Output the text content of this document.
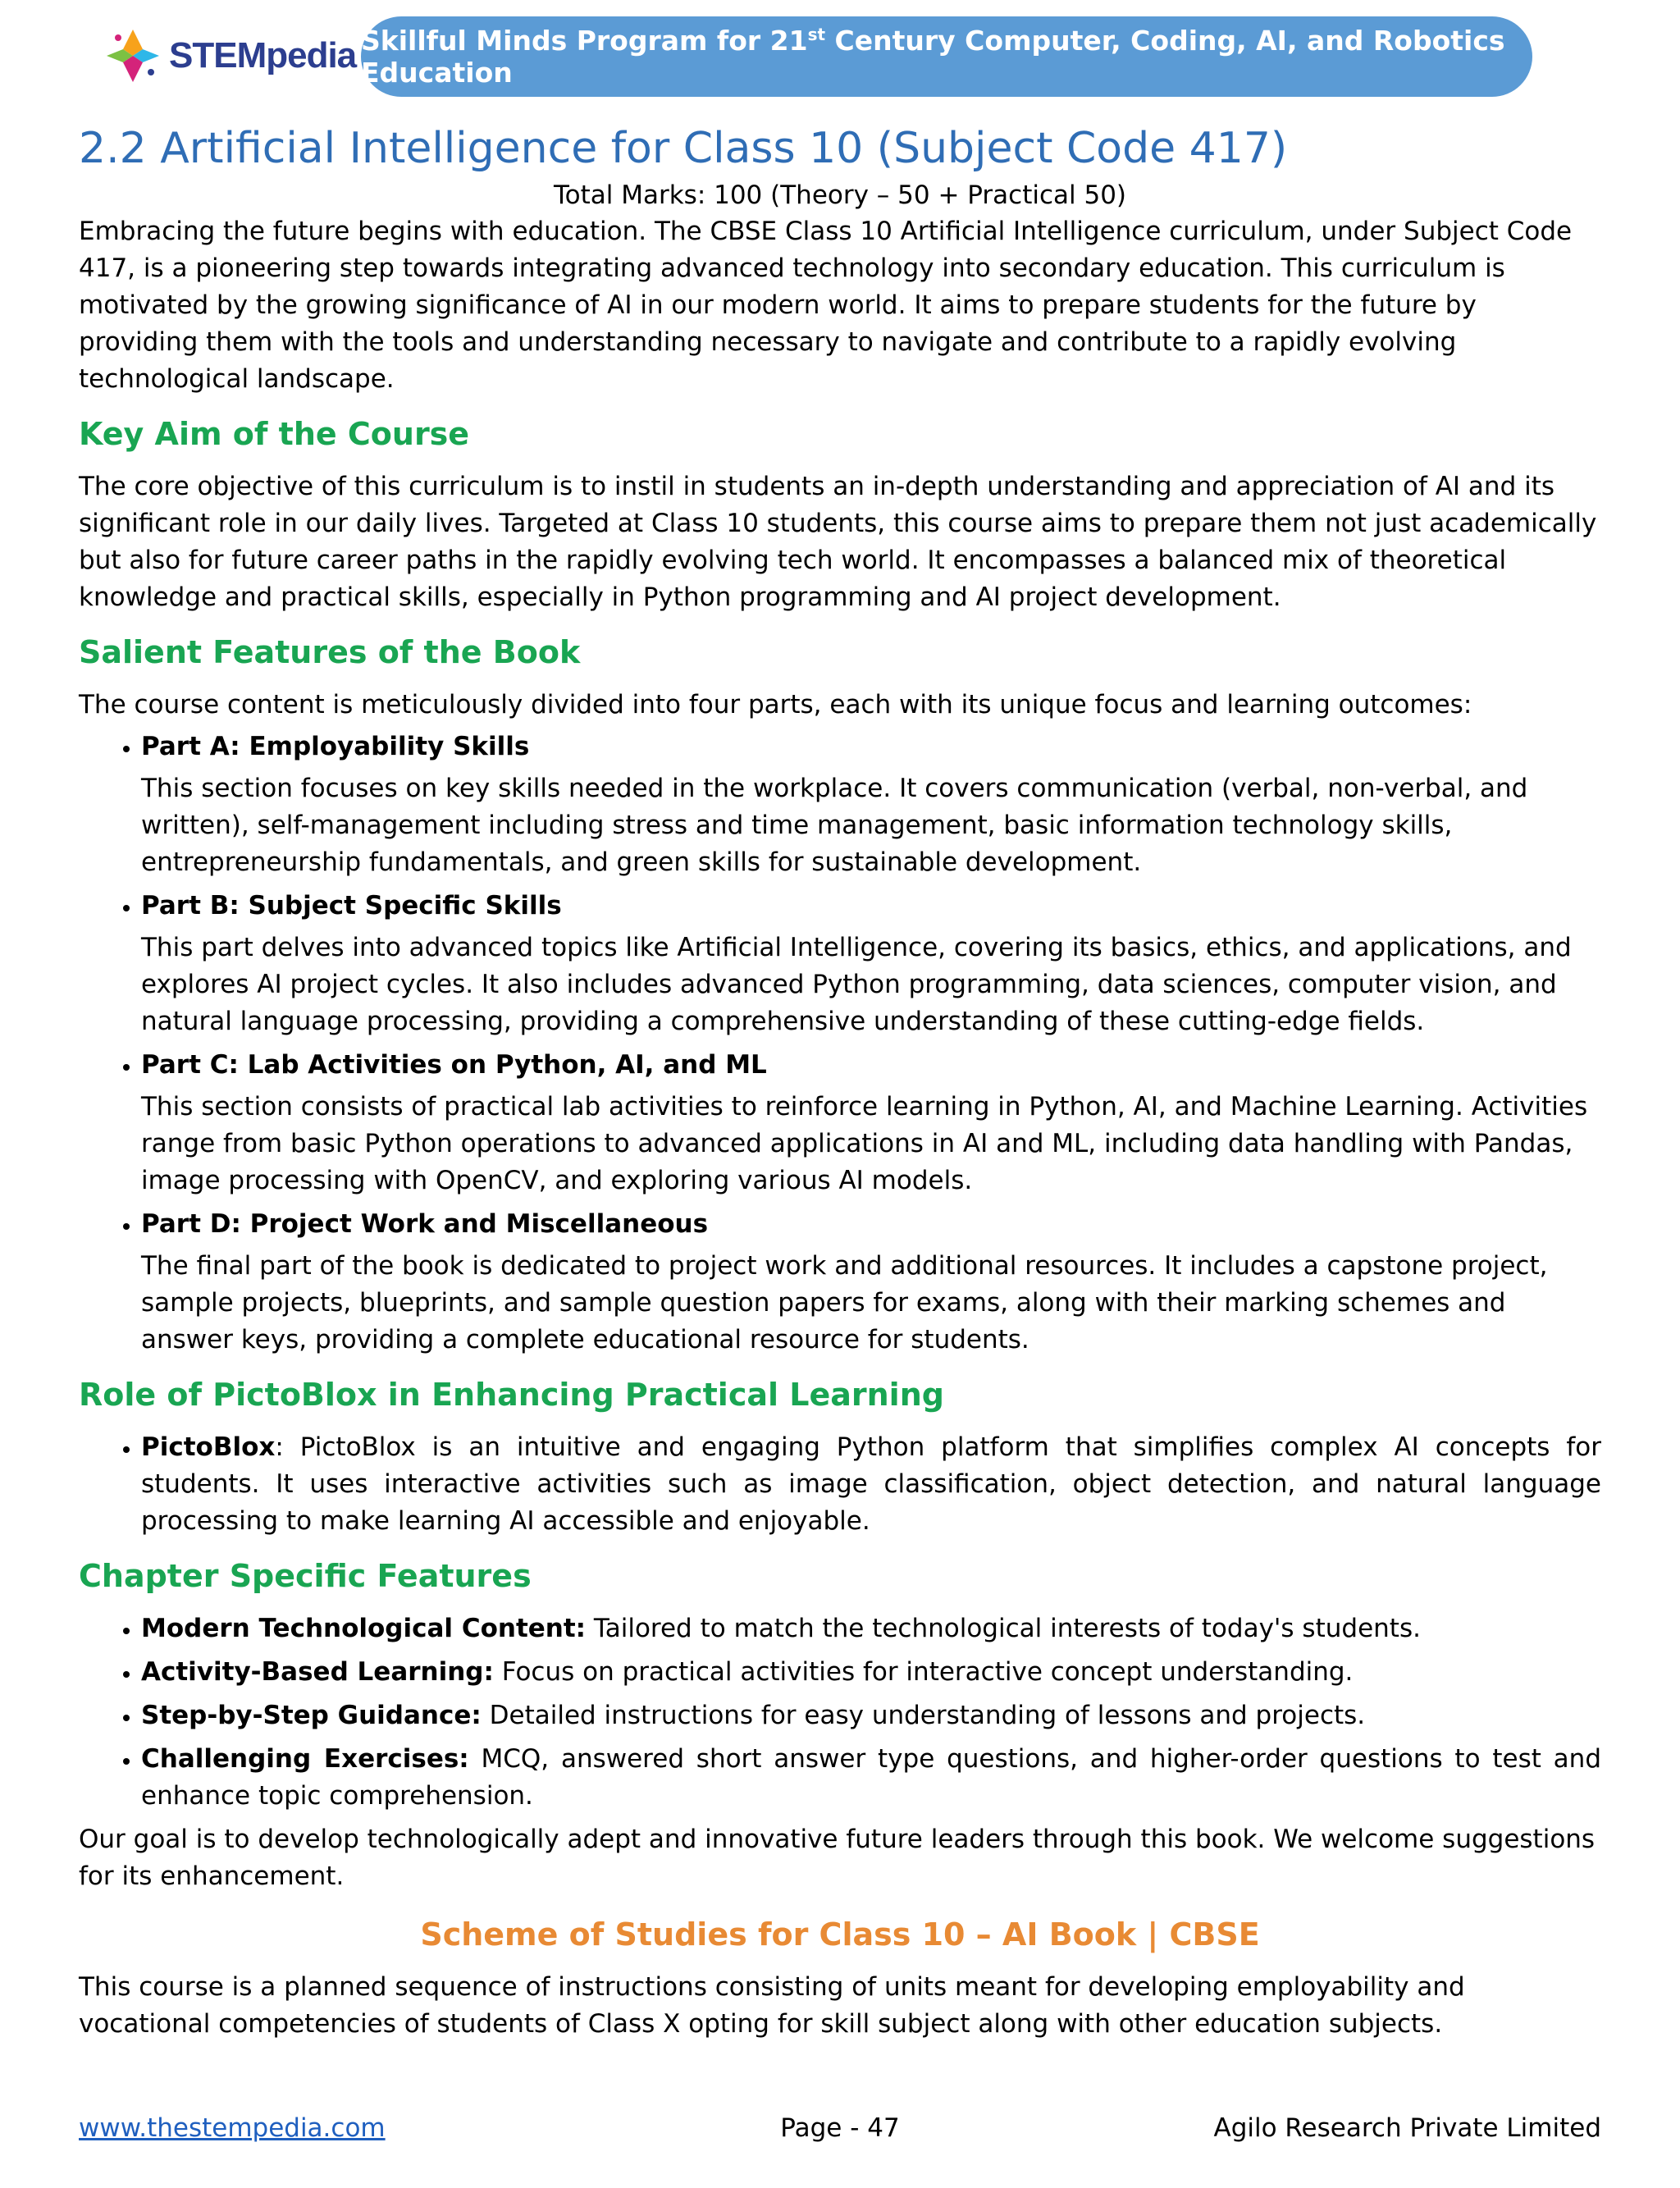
STEMpedia Skillful Minds Program for 21st Century Computer, Coding, AI, and Robotics Education
2.2 Artificial Intelligence for Class 10 (Subject Code 417)

Total Marks: 100 (Theory – 50 + Practical 50)

Embracing the future begins with education. The CBSE Class 10 Artificial Intelligence curriculum, under Subject Code 417, is a pioneering step towards integrating advanced technology into secondary education. This curriculum is motivated by the growing significance of AI in our modern world. It aims to prepare students for the future by providing them with the tools and understanding necessary to navigate and contribute to a rapidly evolving technological landscape.

Key Aim of the Course

The core objective of this curriculum is to instil in students an in-depth understanding and appreciation of AI and its significant role in our daily lives. Targeted at Class 10 students, this course aims to prepare them not just academically but also for future career paths in the rapidly evolving tech world. It encompasses a balanced mix of theoretical knowledge and practical skills, especially in Python programming and AI project development.

Salient Features of the Book

The course content is meticulously divided into four parts, each with its unique focus and learning outcomes:

• Part A: Employability Skills
This section focuses on key skills needed in the workplace. It covers communication (verbal, non-verbal, and written), self-management including stress and time management, basic information technology skills, entrepreneurship fundamentals, and green skills for sustainable development.
• Part B: Subject Specific Skills
This part delves into advanced topics like Artificial Intelligence, covering its basics, ethics, and applications, and explores AI project cycles. It also includes advanced Python programming, data sciences, computer vision, and natural language processing, providing a comprehensive understanding of these cutting-edge fields.
• Part C: Lab Activities on Python, AI, and ML
This section consists of practical lab activities to reinforce learning in Python, AI, and Machine Learning. Activities range from basic Python operations to advanced applications in AI and ML, including data handling with Pandas, image processing with OpenCV, and exploring various AI models.
• Part D: Project Work and Miscellaneous
The final part of the book is dedicated to project work and additional resources. It includes a capstone project, sample projects, blueprints, and sample question papers for exams, along with their marking schemes and answer keys, providing a complete educational resource for students.
Role of PictoBlox in Enhancing Practical Learning
• PictoBlox: PictoBlox is an intuitive and engaging Python platform that simplifies complex AI concepts for students. It uses interactive activities such as image classification, object detection, and natural language processing to make learning AI accessible and enjoyable.
Chapter Specific Features
• Modern Technological Content: Tailored to match the technological interests of today's students.
• Activity-Based Learning: Focus on practical activities for interactive concept understanding.
• Step-by-Step Guidance: Detailed instructions for easy understanding of lessons and projects.
• Challenging Exercises: MCQ, answered short answer type questions, and higher-order questions to test and enhance topic comprehension.

Our goal is to develop technologically adept and innovative future leaders through this book. We welcome suggestions for its enhancement.

Scheme of Studies for Class 10 – AI Book | CBSE

This course is a planned sequence of instructions consisting of units meant for developing employability and vocational competencies of students of Class X opting for skill subject along with other education subjects.

Page - 47
www.thestempedia.com	Agilo Research Private Limited
